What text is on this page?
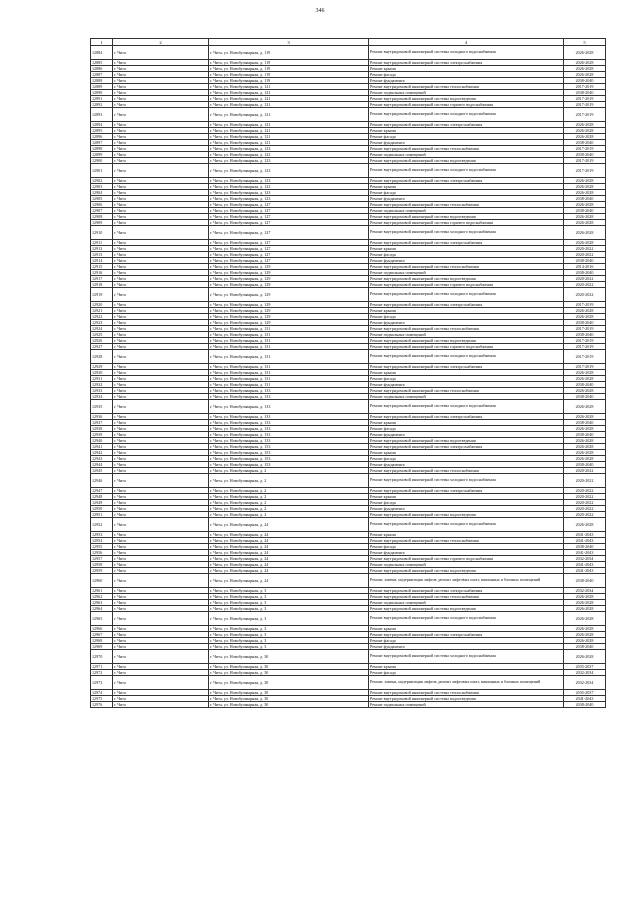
346
1	2	3	4	5
12884	г. Чита	г. Чита, ул. Новобульварная, д. 119	Ремонт внутридомовой инженерной системы холодного водоснабжения	2026-2028
12885	г. Чита	г. Чита, ул. Новобульварная, д. 119	Ремонт внутридомовой инженерной системы электроснабжения	2026-2028
12886	г. Чита	г. Чита, ул. Новобульварная, д. 119	Ремонт крыши	2026-2028
12887	г. Чита	г. Чита, ул. Новобульварная, д. 119	Ремонт фасада	2026-2028
12888	г. Чита	г. Чита, ул. Новобульварная, д. 119	Ремонт фундамента	2038-2040
12889	г. Чита	г. Чита, ул. Новобульварная, д. 121	Ремонт внутридомовой инженерной системы теплоснабжения	2017-2019
12890	г. Чита	г. Чита, ул. Новобульварная, д. 121	Ремонт подвальных помещений	2038-2040
12891	г. Чита	г. Чита, ул. Новобульварная, д. 121	Ремонт внутридомовой инженерной системы водоотведения	2017-2019
12892	г. Чита	г. Чита, ул. Новобульварная, д. 121	Ремонт внутридомовой инженерной системы горячего водоснабжения	2017-2019
12893	г. Чита	г. Чита, ул. Новобульварная, д. 121	Ремонт внутридомовой инженерной системы холодного водоснабжения	2017-2019
12894	г. Чита	г. Чита, ул. Новобульварная, д. 121	Ремонт внутридомовой инженерной системы электроснабжения	2026-2028
12895	г. Чита	г. Чита, ул. Новобульварная, д. 121	Ремонт крыши	2026-2028
12896	г. Чита	г. Чита, ул. Новобульварная, д. 121	Ремонт фасада	2026-2028
12897	г. Чита	г. Чита, ул. Новобульварная, д. 121	Ремонт фундамента	2038-2040
12898	г. Чита	г. Чита, ул. Новобульварная, д. 123	Ремонт внутридомовой инженерной системы теплоснабжения	2017-2019
12899	г. Чита	г. Чита, ул. Новобульварная, д. 123	Ремонт подвальных помещений	2038-2040
12900	г. Чита	г. Чита, ул. Новобульварная, д. 123	Ремонт внутридомовой инженерной системы водоотведения	2017-2019
12901	г. Чита	г. Чита, ул. Новобульварная, д. 123	Ремонт внутридомовой инженерной системы холодного водоснабжения	2017-2019
12902	г. Чита	г. Чита, ул. Новобульварная, д. 123	Ремонт внутридомовой инженерной системы электроснабжения	2026-2028
12903	г. Чита	г. Чита, ул. Новобульварная, д. 123	Ремонт крыши	2026-2028
12904	г. Чита	г. Чита, ул. Новобульварная, д. 123	Ремонт фасада	2026-2028
12905	г. Чита	г. Чита, ул. Новобульварная, д. 123	Ремонт фундамента	2038-2040
12906	г. Чита	г. Чита, ул. Новобульварная, д. 127	Ремонт внутридомовой инженерной системы теплоснабжения	2026-2028
12907	г. Чита	г. Чита, ул. Новобульварная, д. 127	Ремонт подвальных помещений	2038-2040
12908	г. Чита	г. Чита, ул. Новобульварная, д. 127	Ремонт внутридомовой инженерной системы водоотведения	2026-2028
12909	г. Чита	г. Чита, ул. Новобульварная, д. 127	Ремонт внутридомовой инженерной системы горячего водоснабжения	2026-2028
12910	г. Чита	г. Чита, ул. Новобульварная, д. 127	Ремонт внутридомовой инженерной системы холодного водоснабжения	2026-2028
12911	г. Чита	г. Чита, ул. Новобульварная, д. 127	Ремонт внутридомовой инженерной системы электроснабжения	2026-2028
12912	г. Чита	г. Чита, ул. Новобульварная, д. 127	Ремонт крыши	2020-2022
12913	г. Чита	г. Чита, ул. Новобульварная, д. 127	Ремонт фасада	2020-2022
12914	г. Чита	г. Чита, ул. Новобульварная, д. 127	Ремонт фундамента	2038-2040
12915	г. Чита	г. Чита, ул. Новобульварная, д. 129	Ремонт внутридомовой инженерной системы теплоснабжения	2014-2016
12916	г. Чита	г. Чита, ул. Новобульварная, д. 129	Ремонт подвальных помещений	2038-2040
12917	г. Чита	г. Чита, ул. Новобульварная, д. 129	Ремонт внутридомовой инженерной системы водоотведения	2020-2022
12918	г. Чита	г. Чита, ул. Новобульварная, д. 129	Ремонт внутридомовой инженерной системы горячего водоснабжения	2020-2022
12919	г. Чита	г. Чита, ул. Новобульварная, д. 129	Ремонт внутридомовой инженерной системы холодного водоснабжения	2020-2022
12920	г. Чита	г. Чита, ул. Новобульварная, д. 129	Ремонт внутридомовой инженерной системы электроснабжения	2017-2019
12921	г. Чита	г. Чита, ул. Новобульварная, д. 129	Ремонт крыши	2026-2028
12922	г. Чита	г. Чита, ул. Новобульварная, д. 129	Ремонт фасада	2026-2028
12923	г. Чита	г. Чита, ул. Новобульварная, д. 129	Ремонт фундамента	2038-2040
12924	г. Чита	г. Чита, ул. Новобульварная, д. 131	Ремонт внутридомовой инженерной системы теплоснабжения	2017-2019
12925	г. Чита	г. Чита, ул. Новобульварная, д. 131	Ремонт подвальных помещений	2038-2040
12926	г. Чита	г. Чита, ул. Новобульварная, д. 131	Ремонт внутридомовой инженерной системы водоотведения	2017-2019
12927	г. Чита	г. Чита, ул. Новобульварная, д. 131	Ремонт внутридомовой инженерной системы горячего водоснабжения	2017-2019
12928	г. Чита	г. Чита, ул. Новобульварная, д. 131	Ремонт внутридомовой инженерной системы холодного водоснабжения	2017-2019
12929	г. Чита	г. Чита, ул. Новобульварная, д. 131	Ремонт внутридомовой инженерной системы электроснабжения	2017-2019
12930	г. Чита	г. Чита, ул. Новобульварная, д. 131	Ремонт крыши	2026-2028
12931	г. Чита	г. Чита, ул. Новобульварная, д. 131	Ремонт фасада	2026-2028
12932	г. Чита	г. Чита, ул. Новобульварная, д. 131	Ремонт фундамента	2038-2040
12933	г. Чита	г. Чита, ул. Новобульварная, д. 133	Ремонт внутридомовой инженерной системы теплоснабжения	2026-2028
12934	г. Чита	г. Чита, ул. Новобульварная, д. 133	Ремонт подвальных помещений	2038-2040
12935	г. Чита	г. Чита, ул. Новобульварная, д. 133	Ремонт внутридомовой инженерной системы холодного водоснабжения	2026-2028
12936	г. Чита	г. Чита, ул. Новобульварная, д. 133	Ремонт внутридомовой инженерной системы электроснабжения	2026-2028
12937	г. Чита	г. Чита, ул. Новобульварная, д. 133	Ремонт крыши	2038-2040
12938	г. Чита	г. Чита, ул. Новобульварная, д. 133	Ремонт фасада	2026-2028
12939	г. Чита	г. Чита, ул. Новобульварная, д. 133	Ремонт фундамента	2038-2040
12940	г. Чита	г. Чита, ул. Новобульварная, д. 133	Ремонт внутридомовой инженерной системы водоотведения	2026-2028
12941	г. Чита	г. Чита, ул. Новобульварная, д. 153	Ремонт внутридомовой инженерной системы электроснабжения	2026-2028
12942	г. Чита	г. Чита, ул. Новобульварная, д. 153	Ремонт крыши	2026-2028
12943	г. Чита	г. Чита, ул. Новобульварная, д. 153	Ремонт фасада	2026-2028
12944	г. Чита	г. Чита, ул. Новобульварная, д. 153	Ремонт фундамента	2038-2040
12945	г. Чита	г. Чита, ул. Новобульварная, д. 2	Ремонт внутридомовой инженерной системы теплоснабжения	2020-2022
12946	г. Чита	г. Чита, ул. Новобульварная, д. 2	Ремонт внутридомовой инженерной системы холодного водоснабжения	2020-2022
12947	г. Чита	г. Чита, ул. Новобульварная, д. 2	Ремонт внутридомовой инженерной системы электроснабжения	2020-2022
12948	г. Чита	г. Чита, ул. Новобульварная, д. 2	Ремонт крыши	2020-2022
12949	г. Чита	г. Чита, ул. Новобульварная, д. 2	Ремонт фасада	2020-2022
12950	г. Чита	г. Чита, ул. Новобульварная, д. 2	Ремонт фундамента	2020-2022
12951	г. Чита	г. Чита, ул. Новобульварная, д. 2	Ремонт внутридомовой инженерной системы водоотведения	2020-2022
12952	г. Чита	г. Чита, ул. Новобульварная, д. 24	Ремонт внутридомовой инженерной системы холодного водоснабжения	2026-2028
12953	г. Чита	г. Чита, ул. Новобульварная, д. 24	Ремонт крыши	2041-2043
12954	г. Чита	г. Чита, ул. Новобульварная, д. 24	Ремонт внутридомовой инженерной системы теплоснабжения	2041-2043
12955	г. Чита	г. Чита, ул. Новобульварная, д. 24	Ремонт фасада	2038-2040
12956	г. Чита	г. Чита, ул. Новобульварная, д. 24	Ремонт фундамента	2041-2043
12957	г. Чита	г. Чита, ул. Новобульварная, д. 24	Ремонт внутридомовой инженерной системы горячего водоснабжения	2032-2034
12958	г. Чита	г. Чита, ул. Новобульварная, д. 24	Ремонт подвальных помещений	2041-2043
12959	г. Чита	г. Чита, ул. Новобульварная, д. 24	Ремонт внутридомовой инженерной системы водоотведения	2041-2043
12960	г. Чита	г. Чита, ул. Новобульварная, д. 24	Ремонт, замена, модернизация лифтов, ремонт лифтовых шахт, машинных и блочных помещений	2038-2040
12961	г. Чита	г. Чита, ул. Новобульварная, д. 3	Ремонт внутридомовой инженерной системы электроснабжения	2032-2034
12962	г. Чита	г. Чита, ул. Новобульварная, д. 3	Ремонт внутридомовой инженерной системы теплоснабжения	2026-2028
12963	г. Чита	г. Чита, ул. Новобульварная, д. 3	Ремонт подвальных помещений	2026-2028
12964	г. Чита	г. Чита, ул. Новобульварная, д. 3	Ремонт внутридомовой инженерной системы водоотведения	2026-2028
12965	г. Чита	г. Чита, ул. Новобульварная, д. 3	Ремонт внутридомовой инженерной системы холодного водоснабжения	2026-2028
12966	г. Чита	г. Чита, ул. Новобульварная, д. 3	Ремонт крыши	2026-2028
12967	г. Чита	г. Чита, ул. Новобульварная, д. 3	Ремонт внутридомовой инженерной системы электроснабжения	2026-2028
12968	г. Чита	г. Чита, ул. Новобульварная, д. 3	Ремонт фасада	2026-2028
12969	г. Чита	г. Чита, ул. Новобульварная, д. 3	Ремонт фундамента	2038-2040
12970	г. Чита	г. Чита, ул. Новобульварная, д. 30	Ремонт внутридомовой инженерной системы холодного водоснабжения	2026-2028
12971	г. Чита	г. Чита, ул. Новобульварная, д. 30	Ремонт крыши	2035-2037
12972	г. Чита	г. Чита, ул. Новобульварная, д. 30	Ремонт фасада	2032-2034
12973	г. Чита	г. Чита, ул. Новобульварная, д. 30	Ремонт, замена, модернизация лифтов, ремонт лифтовых шахт, машинных и блочных помещений	2032-2034
12974	г. Чита	г. Чита, ул. Новобульварная, д. 30	Ремонт внутридомовой инженерной системы теплоснабжения	2035-2037
12975	г. Чита	г. Чита, ул. Новобульварная, д. 30	Ремонт внутридомовой инженерной системы водоотведения	2041-2043
12976	г. Чита	г. Чита, ул. Новобульварная, д. 30	Ремонт подвальных помещений	2038-2040
